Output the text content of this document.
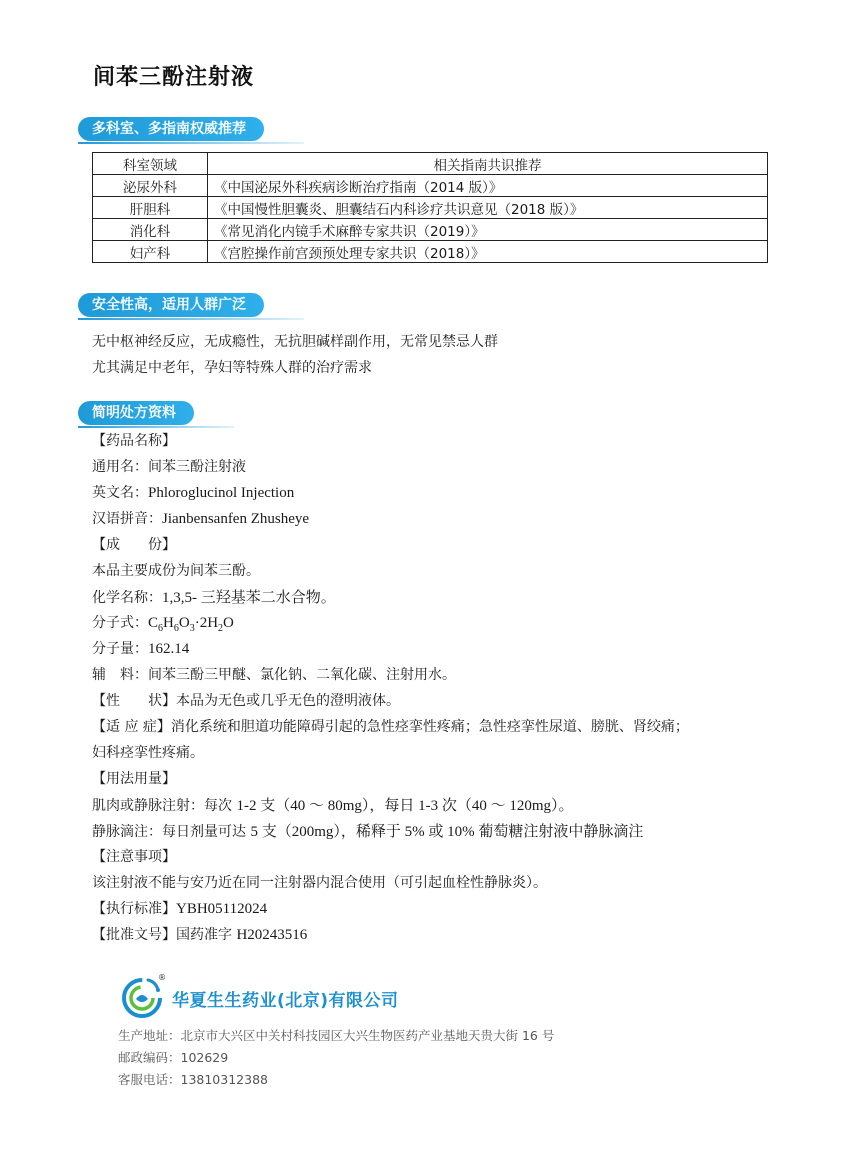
间苯三酚注射液
多科室、多指南权威推荐
科室领域	相关指南共识推荐
泌尿外科	《中国泌尿外科疾病诊断治疗指南（2014 版）》
肝胆科	《中国慢性胆囊炎、胆囊结石内科诊疗共识意见（2018 版）》
消化科	《常见消化内镜手术麻醉专家共识（2019）》
妇产科	《宫腔操作前宫颈预处理专家共识（2018）》
安全性高，适用人群广泛
无中枢神经反应，无成瘾性，无抗胆碱样副作用，无常见禁忌人群
尤其满足中老年，孕妇等特殊人群的治疗需求
简明处方资料
【药品名称】
通用名：间苯三酚注射液
英文名：Phloroglucinol Injection
汉语拼音：Jianbensanfen Zhusheye
【成　　份】
本品主要成份为间苯三酚。
化学名称：1,3,5- 三羟基苯二水合物。
分子式：$C_6H_6O_3\cdot 2H_2O$
分子量：162.14
辅　料：间苯三酚三甲醚、氯化钠、二氧化碳、注射用水。
【性　　状】本品为无色或几乎无色的澄明液体。
【适 应 症】消化系统和胆道功能障碍引起的急性痉挛性疼痛；急性痉挛性尿道、膀胱、肾绞痛；
妇科痉挛性疼痛。
【用法用量】
肌肉或静脉注射：每次 1-2 支（40 ～ 80mg），每日 1-3 次（40 ～ 120mg）。
静脉滴注：每日剂量可达 5 支（200mg），稀释于 5% 或 10% 葡萄糖注射液中静脉滴注
【注意事项】
该注射液不能与安乃近在同一注射器内混合使用（可引起血栓性静脉炎）。
【执行标准】YBH05112024
【批准文号】国药准字 H20243516
®
华夏生生药业(北京)有限公司
生产地址：北京市大兴区中关村科技园区大兴生物医药产业基地天贵大街 16 号
邮政编码：102629
客服电话：13810312388
